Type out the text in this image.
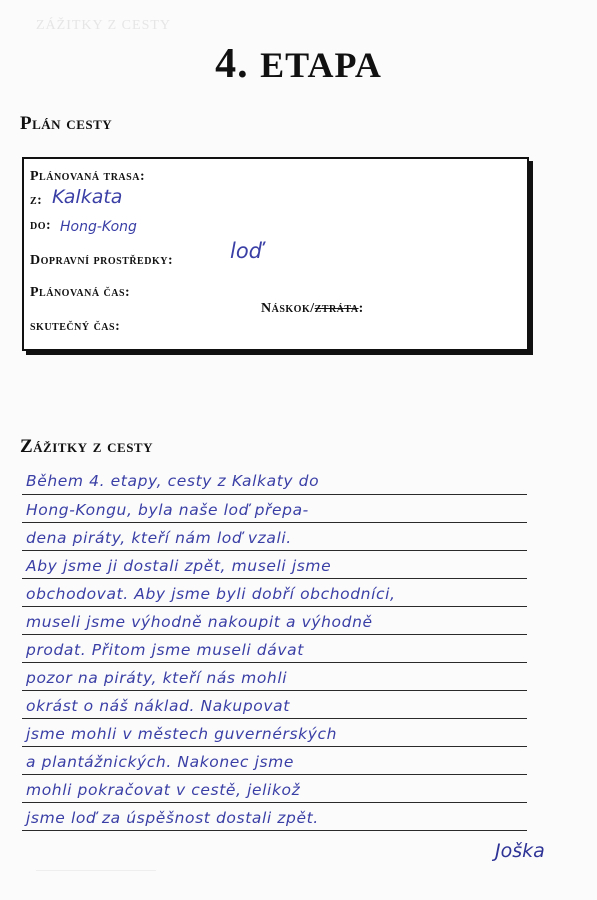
ZÁŽITKY Z CESTY
4. ETAPA
Plán cesty
Plánovaná trasa:
z: Kalkata
do: Hong-Kong
Dopravní prostředky:	loď
Plánovaná čas:
Náskok/ztráta:
skutečný čas:
Zážitky z cesty
Během 4. etapy, cesty z Kalkaty do
Hong-Kongu, byla naše loď přepa-
dena piráty, kteří nám loď vzali.
Aby jsme ji dostali zpět, museli jsme
obchodovat. Aby jsme byli dobří obchodníci,
museli jsme výhodně nakoupit a výhodně
prodat. Přitom jsme museli dávat
pozor na piráty, kteří nás mohli
okrást o náš náklad. Nakupovat
jsme mohli v městech guvernérských
a plantážnických. Nakonec jsme
mohli pokračovat v cestě, jelikož
jsme loď za úspěšnost dostali zpět.
Joška
